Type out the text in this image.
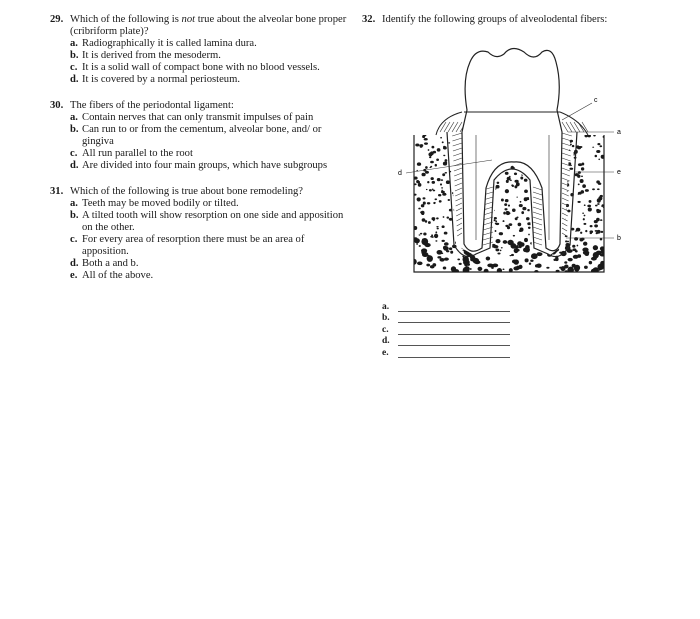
29. Which of the following is not true about the alveolar bone proper (cribriform plate)?
a. Radiographically it is called lamina dura.
b. It is derived from the mesoderm.
c. It is a solid wall of compact bone with no blood vessels.
d. It is covered by a normal periosteum.
30. The fibers of the periodontal ligament:
a. Contain nerves that can only transmit impulses of pain
b. Can run to or from the cementum, alveolar bone, and/ or gingiva
c. All run parallel to the root
d. Are divided into four main groups, which have subgroups
31. Which of the following is true about bone remodeling?
a. Teeth may be moved bodily or tilted.
b. A tilted tooth will show resorption on one side and apposition on the other.
c. For every area of resorption there must be an area of apposition.
d. Both a and b.
e. All of the above.
32. Identify the following groups of alveolodental fibers:
c
a
e
b
d
a.
b.
c.
d.
e.
